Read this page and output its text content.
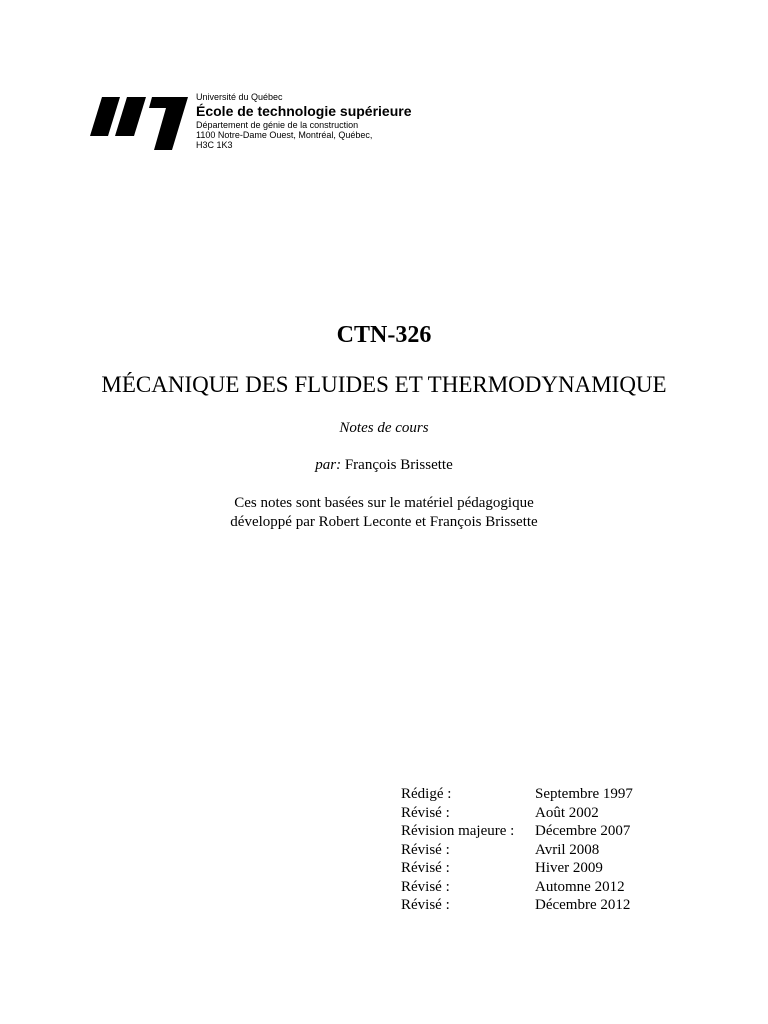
Université du Québec
École de technologie supérieure
Département de génie de la construction
1100 Notre-Dame Ouest, Montréal, Québec,
H3C 1K3
CTN-326
MÉCANIQUE DES FLUIDES ET THERMODYNAMIQUE
Notes de cours
par: François Brissette
Ces notes sont basées sur le matériel pédagogique
développé par Robert Leconte et François Brissette
Rédigé :	Septembre 1997
Révisé :	Août 2002
Révision majeure :	Décembre 2007
Révisé :	Avril 2008
Révisé :	Hiver 2009
Révisé :	Automne 2012
Révisé :	Décembre 2012
